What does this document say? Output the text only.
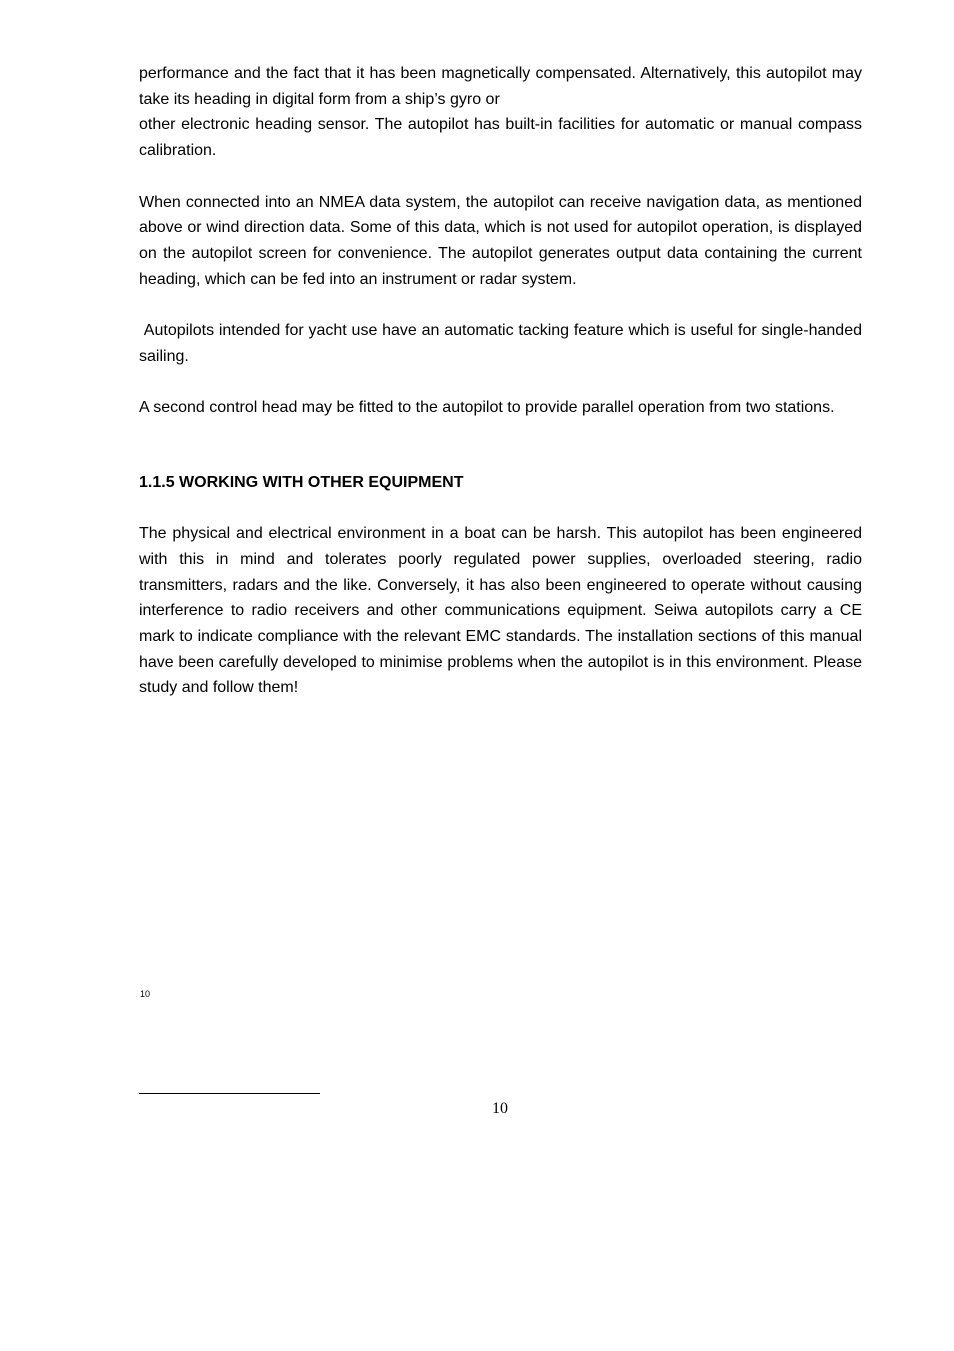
performance and the fact that it has been magnetically compensated. Alternatively, this autopilot may take its heading in digital form from a ship’s gyro or

other electronic heading sensor. The autopilot has built-in facilities for automatic or manual compass calibration.

When connected into an NMEA data system, the autopilot can receive navigation data, as mentioned above or wind direction data. Some of this data, which is not used for autopilot operation, is displayed on the autopilot screen for convenience. The autopilot generates output data containing the current heading, which can be fed into an instrument or radar system.

Autopilots intended for yacht use have an automatic tacking feature which is useful for single-handed sailing.

A second control head may be fitted to the autopilot to provide parallel operation from two stations.

1.1.5 WORKING WITH OTHER EQUIPMENT

The physical and electrical environment in a boat can be harsh. This autopilot has been engineered with this in mind and tolerates poorly regulated power supplies, overloaded steering, radio transmitters, radars and the like. Conversely, it has also been engineered to operate without causing interference to radio receivers and other communications equipment. Seiwa autopilots carry a CE mark to indicate compliance with the relevant EMC standards. The installation sections of this manual have been carefully developed to minimise problems when the autopilot is in this environment. Please study and follow them!

10
10
